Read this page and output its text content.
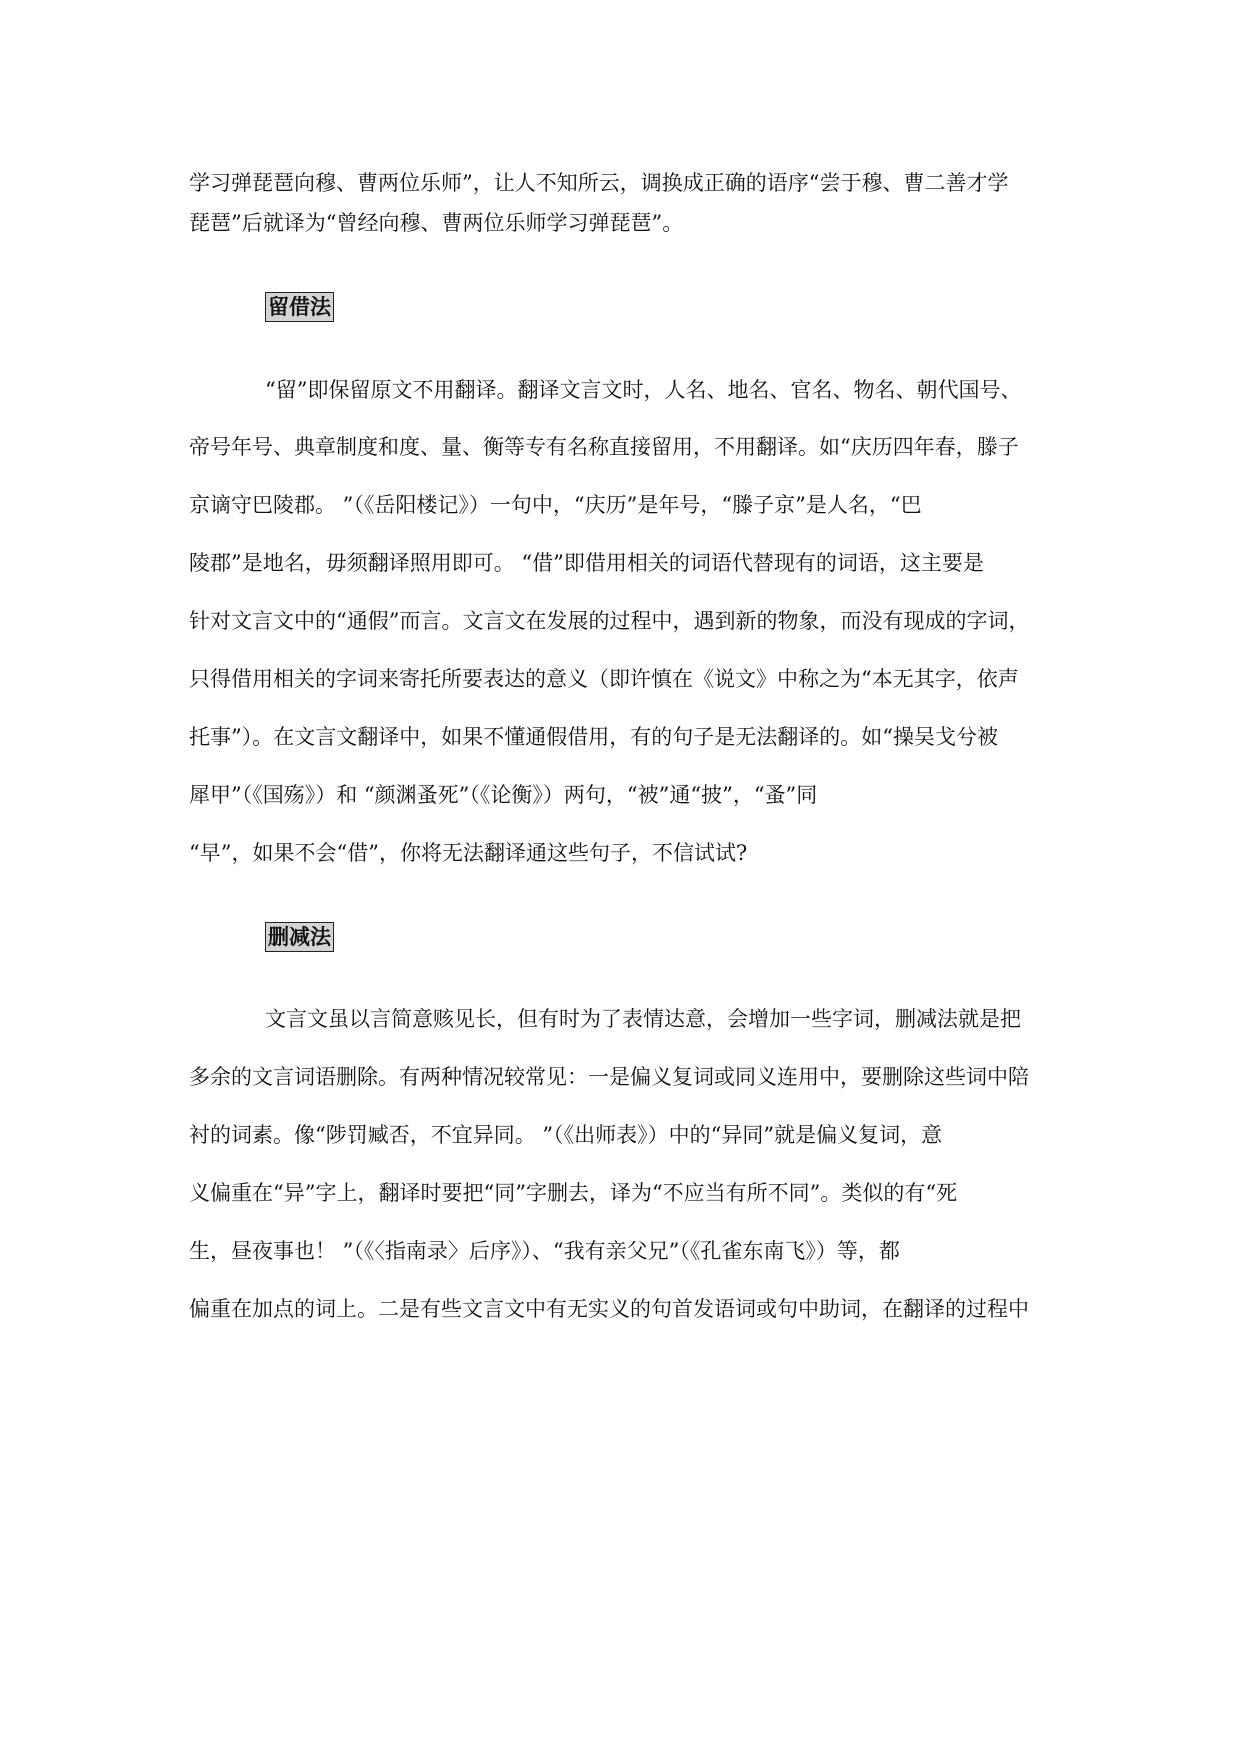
学习弹琵琶向穆、曹两位乐师”，让人不知所云，调换成正确的语序“尝于穆、曹二善才学
琵琶”后就译为“曾经向穆、曹两位乐师学习弹琵琶”。
留借法
“留”即保留原文不用翻译。翻译文言文时，人名、地名、官名、物名、朝代国号、
帝号年号、典章制度和度、量、衡等专有名称直接留用，不用翻译。如“庆历四年春，滕子
京谪守巴陵郡。 ”（《岳阳楼记》）一句中，“庆历”是年号，“滕子京”是人名，“巴
陵郡”是地名，毋须翻译照用即可。 “借”即借用相关的词语代替现有的词语，这主要是
针对文言文中的“通假”而言。文言文在发展的过程中，遇到新的物象，而没有现成的字词，
只得借用相关的字词来寄托所要表达的意义（即许慎在《说文》中称之为“本无其字，依声
托事”）。在文言文翻译中，如果不懂通假借用，有的句子是无法翻译的。如“操吴戈兮被
犀甲”（《国殇》）和 “颜渊蚤死”（《论衡》）两句，“被”通“披”，“蚤”同
“早”，如果不会“借”，你将无法翻译通这些句子，不信试试?
删减法
文言文虽以言简意赅见长，但有时为了表情达意，会增加一些字词，删减法就是把
多余的文言词语删除。有两种情况较常见：一是偏义复词或同义连用中，要删除这些词中陪
衬的词素。像“陟罚臧否，不宜异同。 ”（《出师表》）中的“异同”就是偏义复词，意
义偏重在“异”字上，翻译时要把“同”字删去，译为“不应当有所不同”。类似的有“死
生，昼夜事也！ ”（《〈指南录〉后序》）、“我有亲父兄”（《孔雀东南飞》）等，都
偏重在加点的词上。二是有些文言文中有无实义的句首发语词或句中助词，在翻译的过程中
